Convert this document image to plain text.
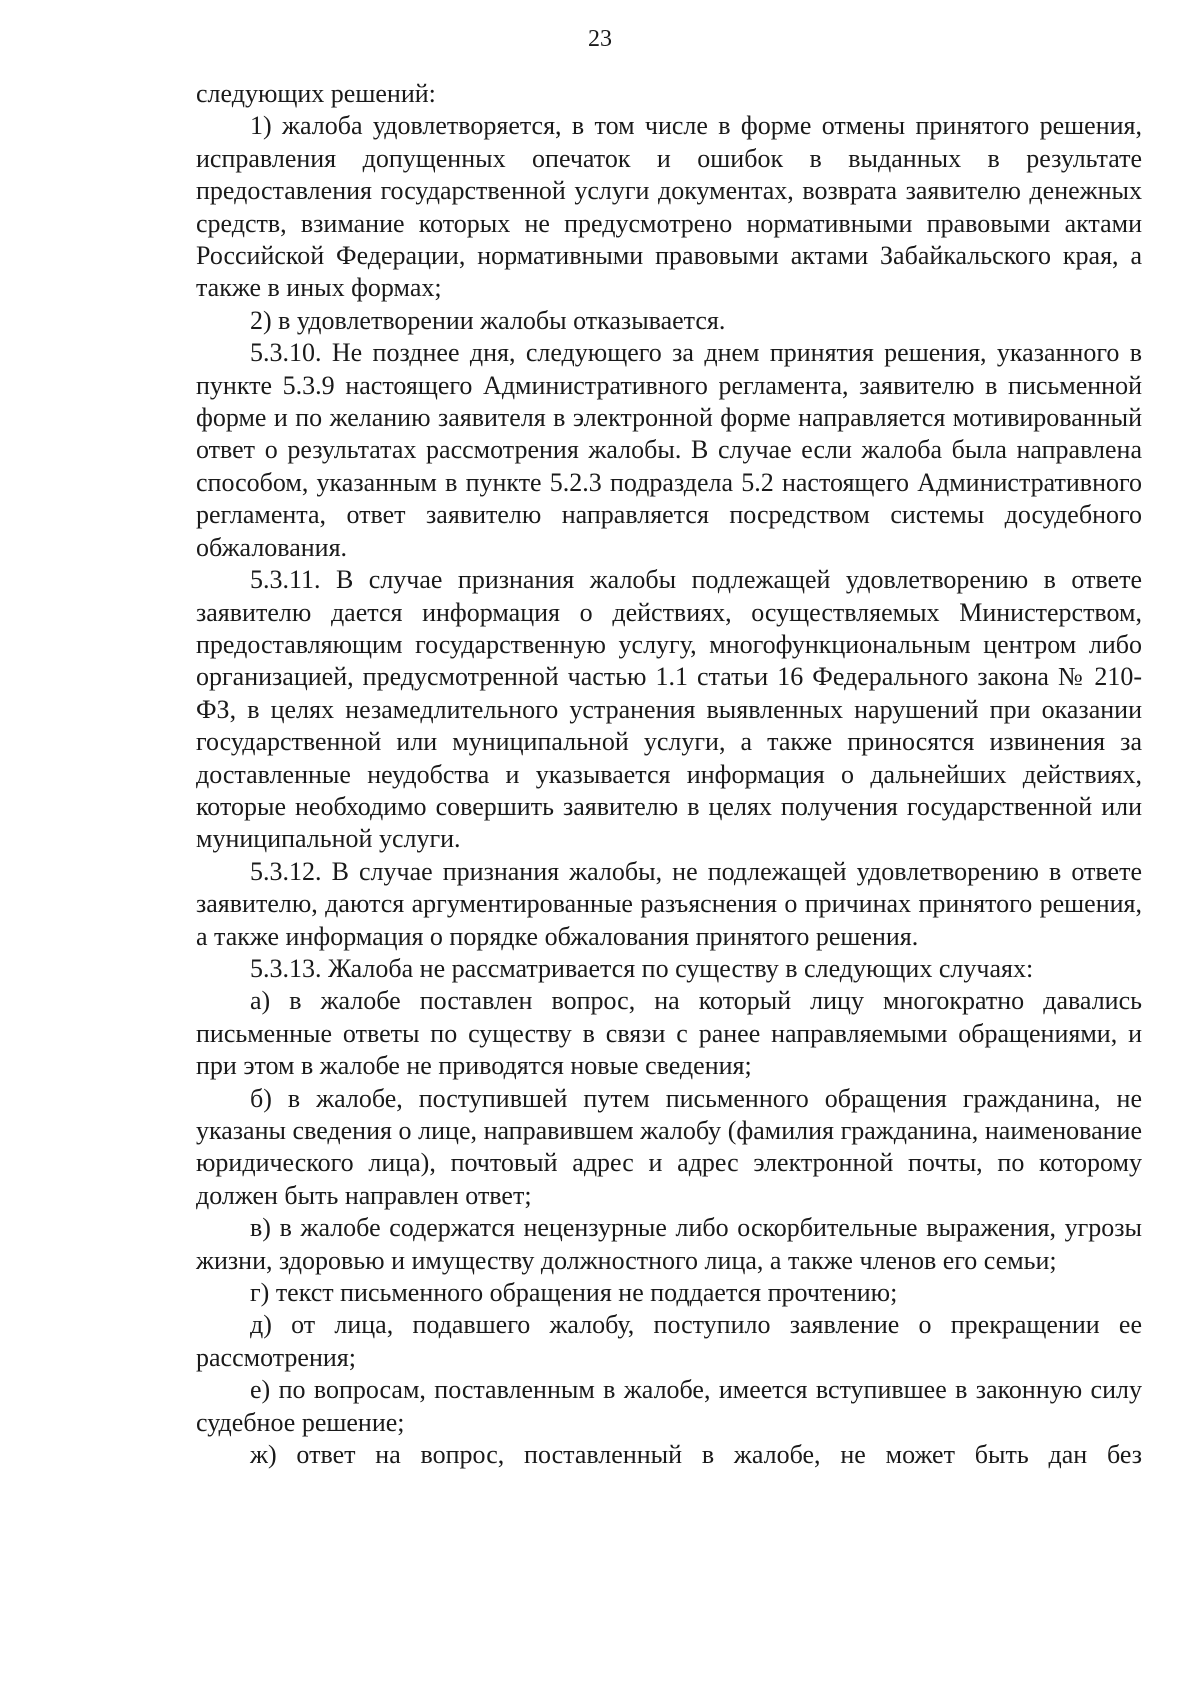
23

следующих решений:

1) жалоба удовлетворяется, в том числе в форме отмены принятого решения, исправления допущенных опечаток и ошибок в выданных в результате предоставления государственной услуги документах, возврата заявителю денежных средств, взимание которых не предусмотрено нормативными правовыми актами Российской Федерации, нормативными правовыми актами Забайкальского края, а также в иных формах;

2) в удовлетворении жалобы отказывается.

5.3.10. Не позднее дня, следующего за днем принятия решения, указанного в пункте 5.3.9 настоящего Административного регламента, заявителю в письменной форме и по желанию заявителя в электронной форме направляется мотивированный ответ о результатах рассмотрения жалобы. В случае если жалоба была направлена способом, указанным в пункте 5.2.3 подраздела 5.2 настоящего Административного регламента, ответ заявителю направляется посредством системы досудебного обжалования.

5.3.11. В случае признания жалобы подлежащей удовлетворению в ответе заявителю дается информация о действиях, осуществляемых Министерством, предоставляющим государственную услугу, многофункциональным центром либо организацией, предусмотренной частью 1.1 статьи 16 Федерального закона № 210-ФЗ, в целях незамедлительного устранения выявленных нарушений при оказании государственной или муниципальной услуги, а также приносятся извинения за доставленные неудобства и указывается информация о дальнейших действиях, которые необходимо совершить заявителю в целях получения государственной или муниципальной услуги.

5.3.12. В случае признания жалобы, не подлежащей удовлетворению в ответе заявителю, даются аргументированные разъяснения о причинах принятого решения, а также информация о порядке обжалования принятого решения.

5.3.13. Жалоба не рассматривается по существу в следующих случаях:

а) в жалобе поставлен вопрос, на который лицу многократно давались письменные ответы по существу в связи с ранее направляемыми обращениями, и при этом в жалобе не приводятся новые сведения;

б) в жалобе, поступившей путем письменного обращения гражданина, не указаны сведения о лице, направившем жалобу (фамилия гражданина, наименование юридического лица), почтовый адрес и адрес электронной почты, по которому должен быть направлен ответ;

в) в жалобе содержатся нецензурные либо оскорбительные выражения, угрозы жизни, здоровью и имуществу должностного лица, а также членов его семьи;

г) текст письменного обращения не поддается прочтению;

д) от лица, подавшего жалобу, поступило заявление о прекращении ее рассмотрения;

е) по вопросам, поставленным в жалобе, имеется вступившее в законную силу судебное решение;

ж) ответ на вопрос, поставленный в жалобе, не может быть дан без
